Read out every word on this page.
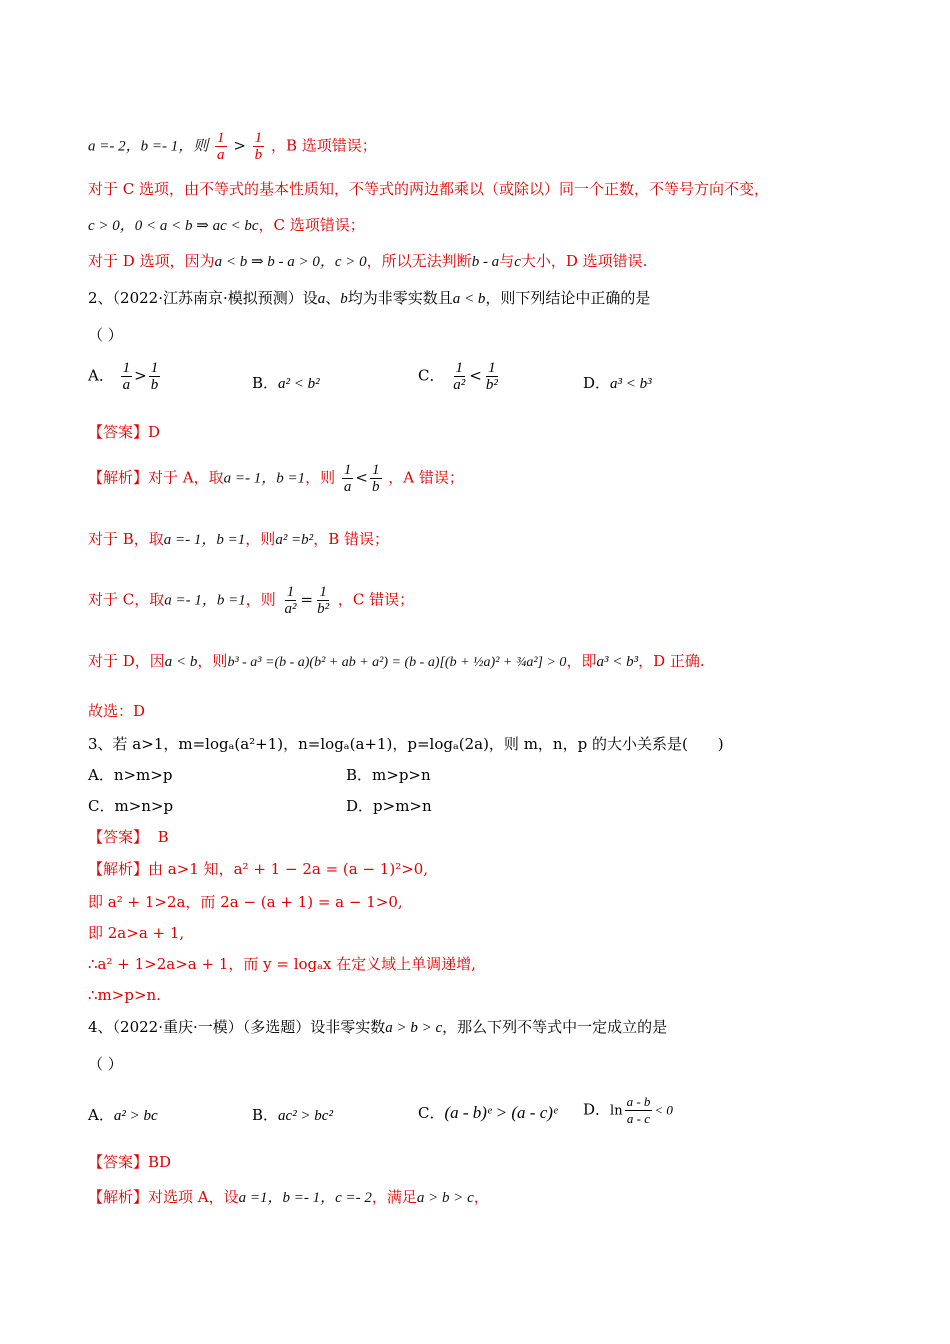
a =- 2，b =- 1，则 $\frac{1}{a} > \frac{1}{b}$ ，B 选项错误；
对于 C 选项，由不等式的基本性质知，不等式的两边都乘以（或除以）同一个正数，不等号方向不变，
c > 0，0 < a < b ⇒ ac < bc，C 选项错误；
对于 D 选项，因为a < b ⇒ b - a > 0，c > 0，所以无法判断b - a与c大小，D 选项错误.
2、（2022·江苏南京·模拟预测）设a、b均为非零实数且a < b，则下列结论中正确的是
（ ）
A． $\frac{1}{a} > \frac{1}{b}$	B．a² < b²	C． $\frac{1}{\text{a²}} < \frac{1}{\text{b²}}$	D．a³ < b³
【答案】D
【解析】对于 A，取a =- 1，b =1，则 $\frac{1}{a} < \frac{1}{b}$ ，A 错误；
对于 B，取a =- 1，b =1，则a² =b²，B 错误；
对于 C，取a =- 1，b =1，则 $\frac{1}{\text{a²}} = \frac{1}{\text{b²}}$ ，C 错误；
对于 D，因a < b，则b³ - a³ =(b - a)(b² + ab + a²) = (b - a)[(b + ½a)² + ¾a²] > 0，即a³ < b³，D 正确.
故选：D
3、若 a>1，m=logₐ(a²+1)，n=logₐ(a+1)，p=logₐ(2a)，则 m，n，p 的大小关系是(　　)
A．n>m>p	B．m>p>n
C．m>n>p	D．p>m>n
【答案】 B
【解析】由 a>1 知，a² + 1 − 2a = (a − 1)²>0,
即 a² + 1>2a，而 2a − (a + 1) = a − 1>0,
即 2a>a + 1,
∴a² + 1>2a>a + 1，而 y = logₐx 在定义域上单调递增,
∴m>p>n.
4、（2022·重庆·一模）（多选题）设非零实数a > b > c，那么下列不等式中一定成立的是
（ ）
A．a² > bc	B．ac² > bc²	C．(a - b)ᵉ > (a - c)ᵉ D．$\ln \frac{a - b}{a - c} < 0$
【答案】BD
【解析】对选项 A，设a =1，b =- 1，c =- 2，满足a > b > c，
